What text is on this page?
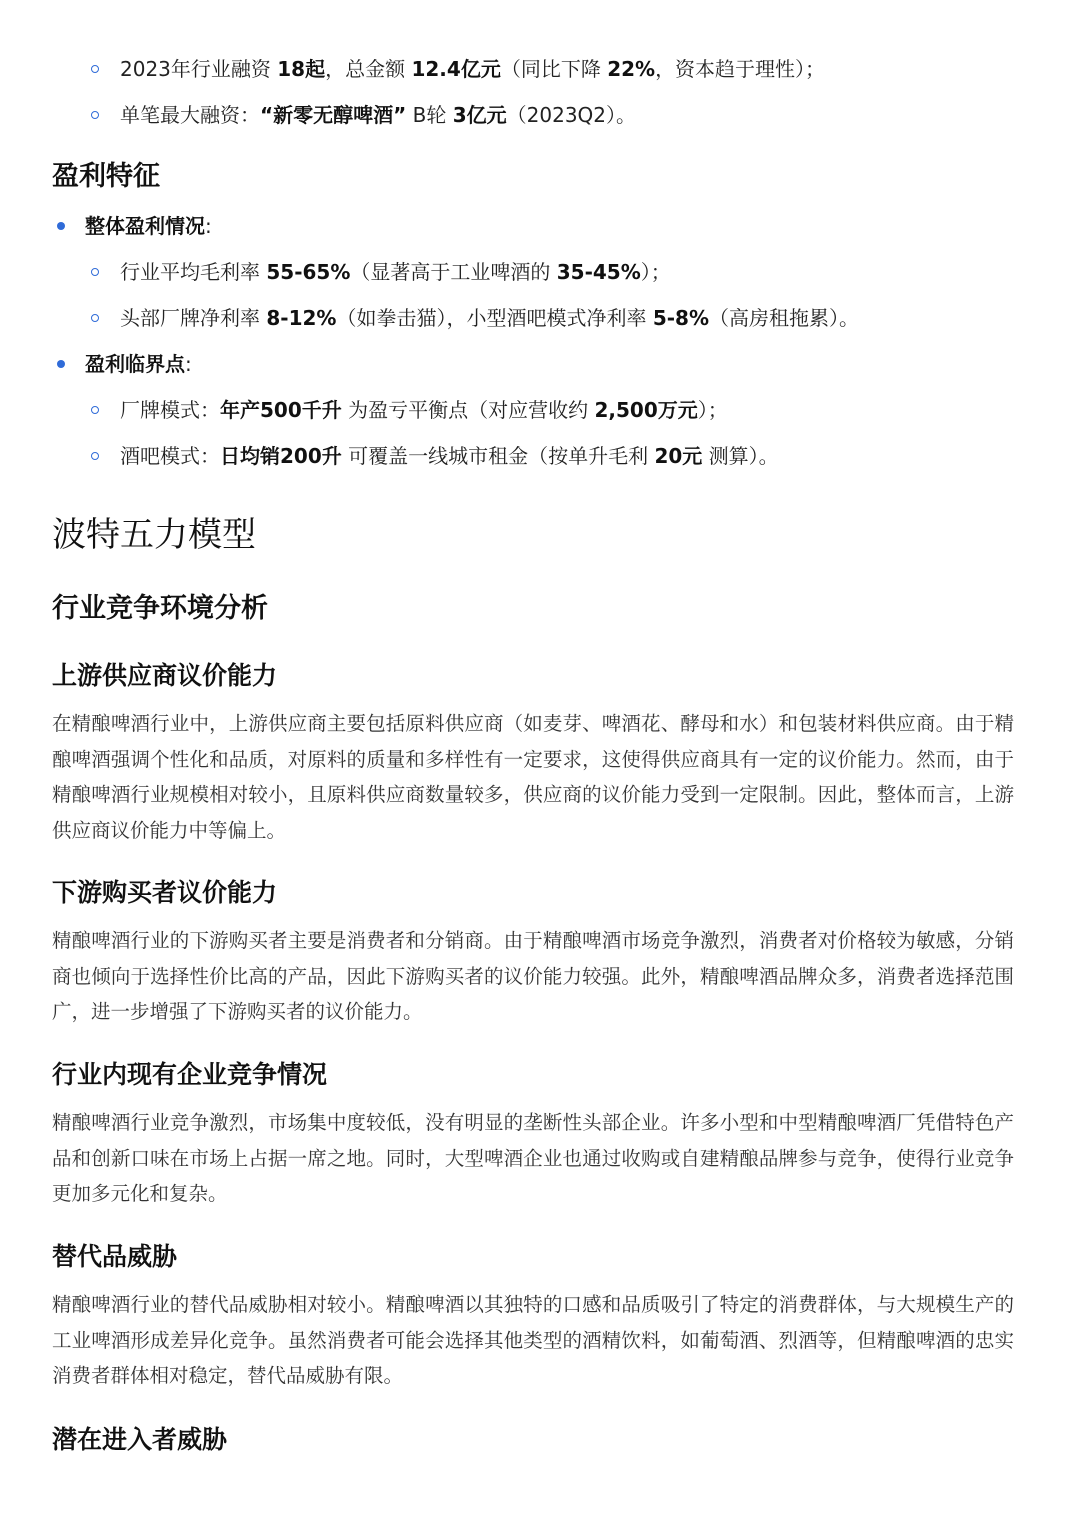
2023年行业融资 18起，总金额 12.4亿元（同比下降 22%，资本趋于理性）；
单笔最大融资：“新零无醇啤酒” B轮 3亿元（2023Q2）。
盈利特征
整体盈利情况:
行业平均毛利率 55-65%（显著高于工业啤酒的 35-45%）；
头部厂牌净利率 8-12%（如拳击猫），小型酒吧模式净利率 5-8%（高房租拖累）。
盈利临界点:
厂牌模式：年产500千升 为盈亏平衡点（对应营收约 2,500万元）；
酒吧模式：日均销200升 可覆盖一线城市租金（按单升毛利 20元 测算）。
波特五力模型
行业竞争环境分析
上游供应商议价能力

在精酿啤酒行业中，上游供应商主要包括原料供应商（如麦芽、啤酒花、酵母和水）和包装材料供应商。由于精酿啤酒强调个性化和品质，对原料的质量和多样性有一定要求，这使得供应商具有一定的议价能力。然而，由于精酿啤酒行业规模相对较小，且原料供应商数量较多，供应商的议价能力受到一定限制。因此，整体而言，上游供应商议价能力中等偏上。

下游购买者议价能力

精酿啤酒行业的下游购买者主要是消费者和分销商。由于精酿啤酒市场竞争激烈，消费者对价格较为敏感，分销商也倾向于选择性价比高的产品，因此下游购买者的议价能力较强。此外，精酿啤酒品牌众多，消费者选择范围广，进一步增强了下游购买者的议价能力。

行业内现有企业竞争情况

精酿啤酒行业竞争激烈，市场集中度较低，没有明显的垄断性头部企业。许多小型和中型精酿啤酒厂凭借特色产品和创新口味在市场上占据一席之地。同时，大型啤酒企业也通过收购或自建精酿品牌参与竞争，使得行业竞争更加多元化和复杂。

替代品威胁

精酿啤酒行业的替代品威胁相对较小。精酿啤酒以其独特的口感和品质吸引了特定的消费群体，与大规模生产的工业啤酒形成差异化竞争。虽然消费者可能会选择其他类型的酒精饮料，如葡萄酒、烈酒等，但精酿啤酒的忠实消费者群体相对稳定，替代品威胁有限。

潜在进入者威胁
